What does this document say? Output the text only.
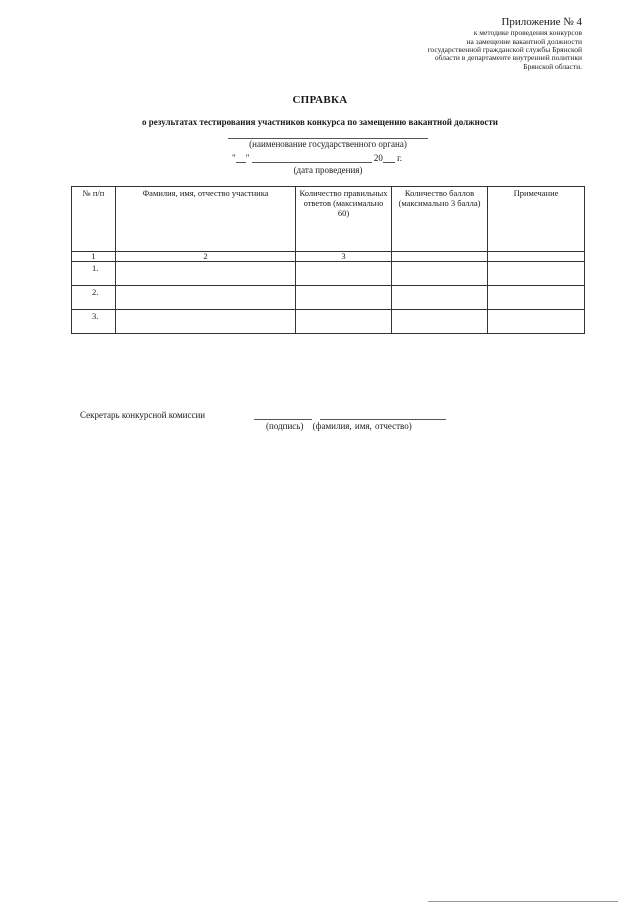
Приложение № 4
к методике проведения конкурсов
на замещение вакантной должности
государственной гражданской службы Брянской
области в департаменте внутренней политики
Брянской области.
СПРАВКА
о результатах тестирования участников конкурса по замещению вакантной должности
(наименование государственного органа)
" "	20 г.
(дата проведения)
№ п/п	Фамилия, имя, отчество участника	Количество правильных ответов (максимально 60)	Количество баллов (максимально 3 балла)	Примечание
1	2	3		
1.				
2.				
3.				
Секретарь конкурсной комиссии
(подпись) (фамилия, имя, отчество)
